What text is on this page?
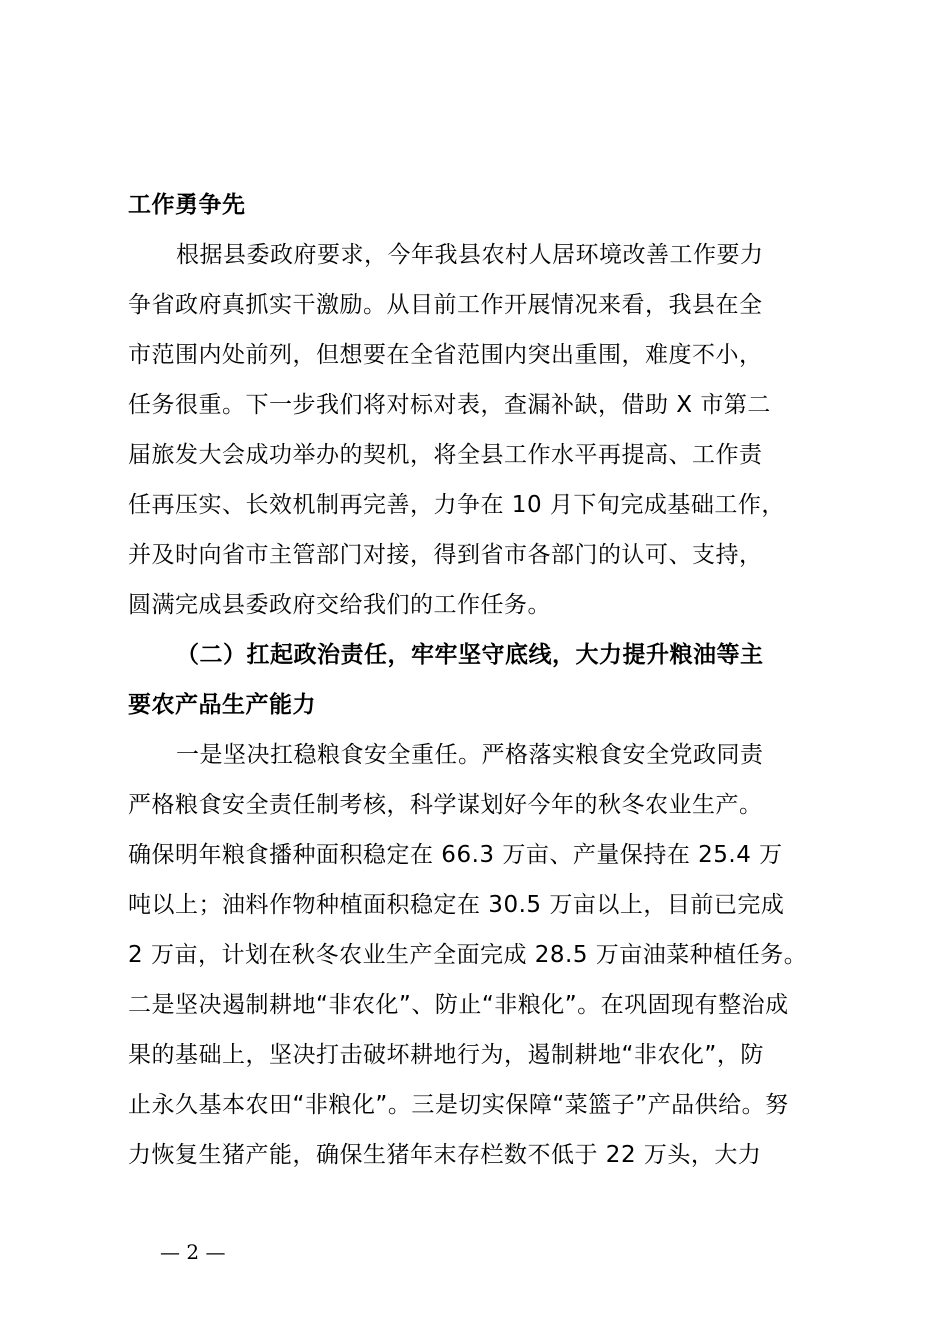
工作勇争先
根据县委政府要求，今年我县农村人居环境改善工作要力
争省政府真抓实干激励。从目前工作开展情况来看，我县在全
市范围内处前列，但想要在全省范围内突出重围，难度不小，
任务很重。下一步我们将对标对表，查漏补缺，借助 X 市第二
届旅发大会成功举办的契机，将全县工作水平再提高、工作责
任再压实、长效机制再完善，力争在 10 月下旬完成基础工作，
并及时向省市主管部门对接，得到省市各部门的认可、支持，
圆满完成县委政府交给我们的工作任务。
（二）扛起政治责任，牢牢坚守底线，大力提升粮油等主
要农产品生产能力
一是坚决扛稳粮食安全重任。严格落实粮食安全党政同责
严格粮食安全责任制考核，科学谋划好今年的秋冬农业生产。
确保明年粮食播种面积稳定在 66.3 万亩、产量保持在 25.4 万
吨以上；油料作物种植面积稳定在 30.5 万亩以上，目前已完成
2 万亩，计划在秋冬农业生产全面完成 28.5 万亩油菜种植任务。
二是坚决遏制耕地“非农化”、防止“非粮化”。在巩固现有整治成
果的基础上，坚决打击破坏耕地行为，遏制耕地“非农化”，防
止永久基本农田“非粮化”。三是切实保障“菜篮子”产品供给。努
力恢复生猪产能，确保生猪年末存栏数不低于 22 万头，大力
— 2 —
